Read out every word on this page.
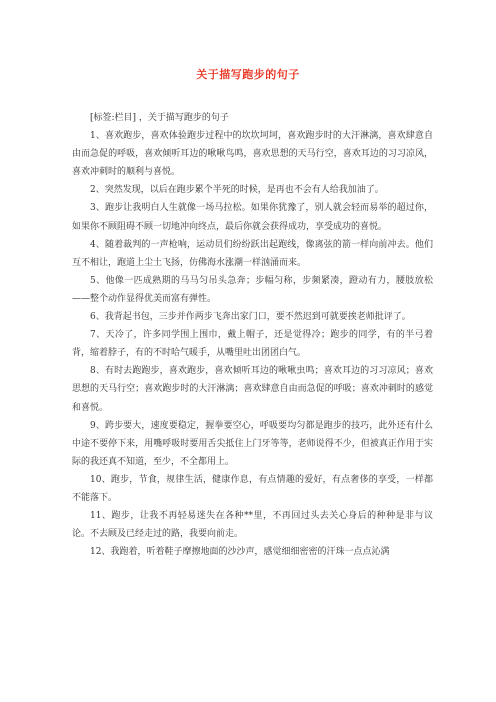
关于描写跑步的句子

[标签:栏目] ，关于描写跑步的句子

1、喜欢跑步，喜欢体验跑步过程中的坎坎坷坷，喜欢跑步时的大汗淋漓，喜欢肆意自由而急促的呼吸，喜欢倾听耳边的啾啾鸟鸣，喜欢思想的天马行空，喜欢耳边的习习凉风，喜欢冲刺时的顺利与喜悦。

2、突然发现，以后在跑步累个半死的时候，是再也不会有人给我加油了。

3、跑步让我明白人生就像一场马拉松。如果你犹豫了，别人就会轻而易举的超过你，如果你不顾阻碍不顾一切地冲向终点，最后你就会获得成功，享受成功的喜悦。

4、随着裁判的一声枪响，运动员们纷纷跃出起跑线，像离弦的箭一样向前冲去。他们互不相让，跑道上尘土飞扬，仿佛海水涨潮一样汹涌而来。

5、他像一匹成熟期的马马匀吊头急奔；步幅匀称，步频紧凑，蹬动有力，腰肢放松——整个动作显得优美而富有弹性。

6、我背起书包，三步并作两步飞奔出家门口，要不然迟到可就要挨老师批评了。

7、天冷了，许多同学围上围巾，戴上帽子，还是觉得冷；跑步的同学，有的半弓着背，缩着脖子，有的不时哈气暖手，从嘴里吐出团团白气。

8、有时去跑跑步，喜欢跑步，喜欢倾听耳边的啾啾虫鸣；喜欢耳边的习习凉风；喜欢思想的天马行空；喜欢跑步时的大汗淋漓；喜欢肆意自由而急促的呼吸；喜欢冲刺时的感觉和喜悦。

9、跨步要大，速度要稳定，握拳要空心，呼吸要均匀都是跑步的技巧，此外还有什么中途不要停下来，用嘴呼吸时要用舌尖抵住上门牙等等，老师说得不少，但被真正作用于实际的我还真不知道，至少，不全都用上。

10、跑步，节食，规律生活，健康作息，有点情趣的爱好，有点奢侈的享受，一样都不能落下。

11、跑步，让我不再轻易迷失在各种**里，不再回过头去关心身后的种种是非与议论。不去顾及已经走过的路，我要向前走。

12、我跑着，听着鞋子摩擦地面的沙沙声，感觉细细密密的汗珠一点点沁满
